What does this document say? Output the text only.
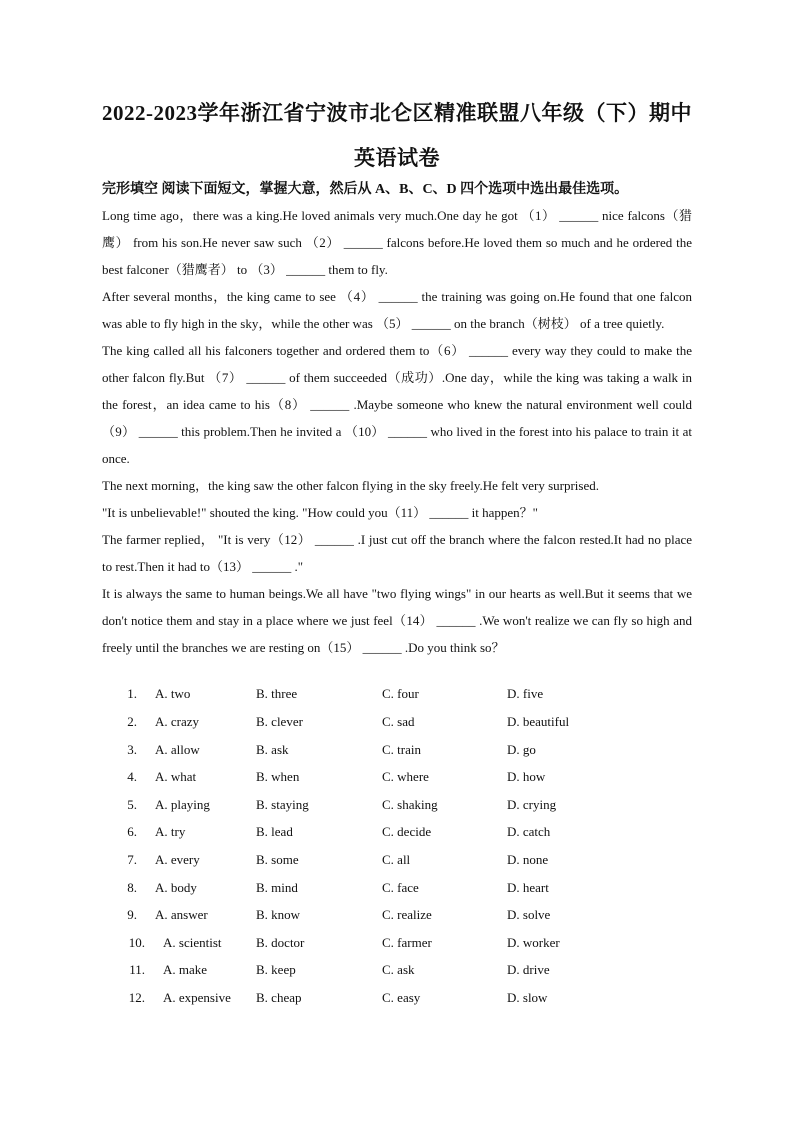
2022-2023学年浙江省宁波市北仑区精准联盟八年级（下）期中
英语试卷
完形填空 阅读下面短文，掌握大意，然后从 A、B、C、D 四个选项中选出最佳选项。

Long time ago，there was a king.He loved animals very much.One day he got （1） ______ nice falcons（猎鹰） from his son.He never saw such （2） ______ falcons before.He loved them so much and he ordered the best falconer（猎鹰者） to （3） ______ them to fly.

After several months，the king came to see （4） ______ the training was going on.He found that one falcon was able to fly high in the sky，while the other was （5） ______ on the branch（树枝） of a tree quietly.

The king called all his falconers together and ordered them to（6） ______ every way they could to make the other falcon fly.But （7） ______ of them succeeded（成功）.One day，while the king was taking a walk in the forest，an idea came to his（8） ______ .Maybe someone who knew the natural environment well could （9） ______ this problem.Then he invited a （10） ______ who lived in the forest into his palace to train it at once.

The next morning，the king saw the other falcon flying in the sky freely.He felt very surprised.

"It is unbelievable!" shouted the king. "How could you（11） ______ it happen？"

The farmer replied， "It is very（12） ______ .I just cut off the branch where the falcon rested.It had no place to rest.Then it had to（13） ______ ."

It is always the same to human beings.We all have "two flying wings" in our hearts as well.But it seems that we don't notice them and stay in a place where we just feel（14） ______ .We won't realize we can fly so high and freely until the branches we are resting on（15） ______ .Do you think so？

1. A. two	B. three	C. four	D. five
2. A. crazy	B. clever	C. sad	D. beautiful
3. A. allow	B. ask	C. train	D. go
4. A. what	B. when	C. where	D. how
5. A. playing	B. staying	C. shaking	D. crying
6. A. try	B. lead	C. decide	D. catch
7. A. every	B. some	C. all	D. none
8. A. body	B. mind	C. face	D. heart
9. A. answer	B. know	C. realize	D. solve
10. A. scientist	B. doctor	C. farmer	D. worker
11. A. make	B. keep	C. ask	D. drive
12. A. expensive B. cheap	C. easy	D. slow
